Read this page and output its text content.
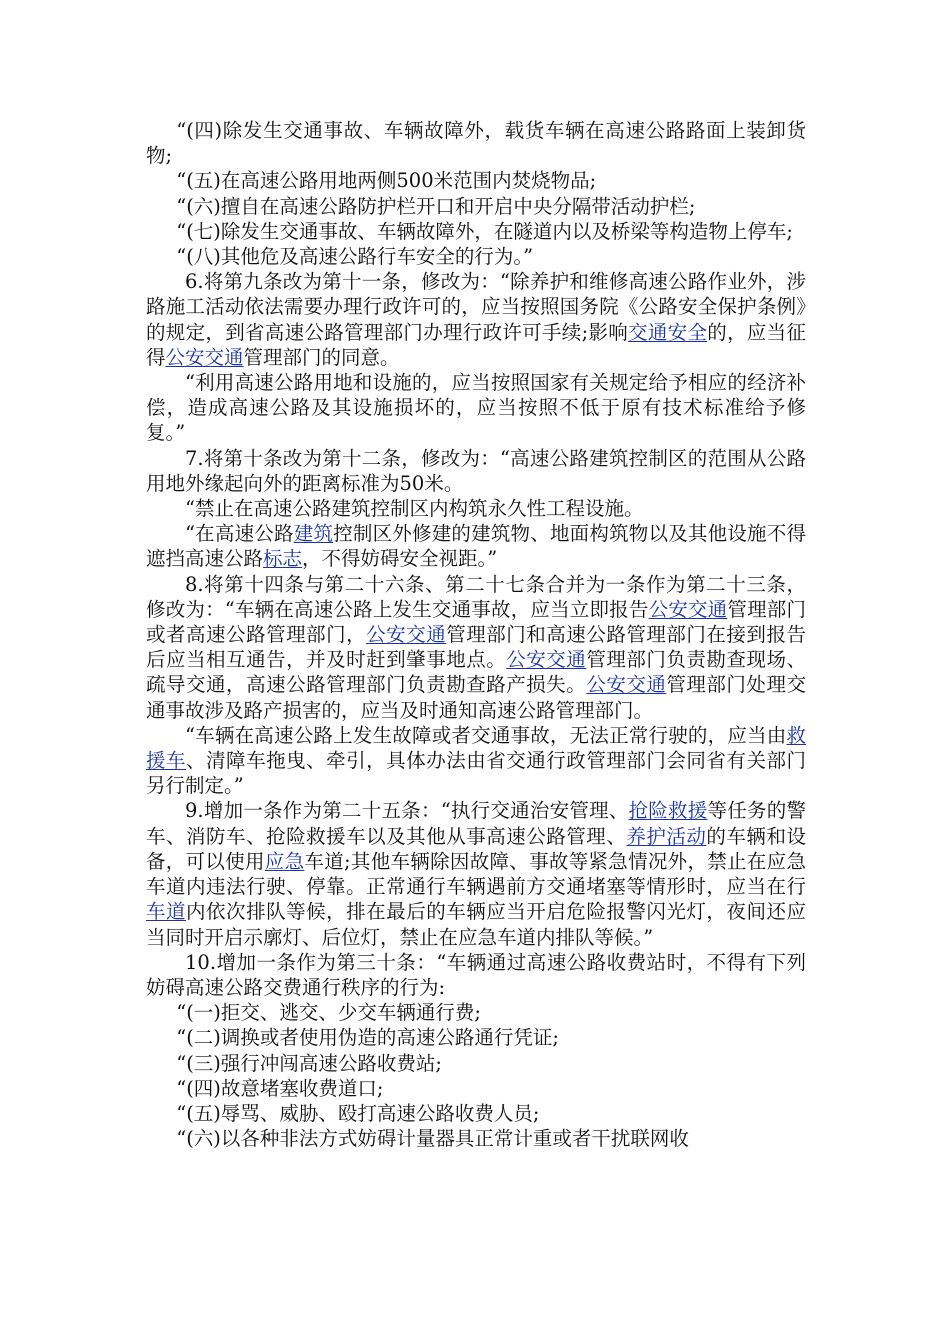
“(四)除发生交通事故、车辆故障外，载货车辆在高速公路路面上装卸货物;

“(五)在高速公路用地两侧500米范围内焚烧物品;

“(六)擅自在高速公路防护栏开口和开启中央分隔带活动护栏;

“(七)除发生交通事故、车辆故障外，在隧道内以及桥梁等构造物上停车;

“(八)其他危及高速公路行车安全的行为。”

6.将第九条改为第十一条，修改为：“除养护和维修高速公路作业外，涉路施工活动依法需要办理行政许可的，应当按照国务院《公路安全保护条例》的规定，到省高速公路管理部门办理行政许可手续;影响交通安全的，应当征得公安交通管理部门的同意。

“利用高速公路用地和设施的，应当按照国家有关规定给予相应的经济补偿，造成高速公路及其设施损坏的，应当按照不低于原有技术标准给予修复。”

7.将第十条改为第十二条，修改为：“高速公路建筑控制区的范围从公路用地外缘起向外的距离标准为50米。

“禁止在高速公路建筑控制区内构筑永久性工程设施。

“在高速公路建筑控制区外修建的建筑物、地面构筑物以及其他设施不得遮挡高速公路标志，不得妨碍安全视距。”

8.将第十四条与第二十六条、第二十七条合并为一条作为第二十三条，修改为：“车辆在高速公路上发生交通事故，应当立即报告公安交通管理部门或者高速公路管理部门，公安交通管理部门和高速公路管理部门在接到报告后应当相互通告，并及时赶到肇事地点。公安交通管理部门负责勘查现场、疏导交通，高速公路管理部门负责勘查路产损失。公安交通管理部门处理交通事故涉及路产损害的，应当及时通知高速公路管理部门。

“车辆在高速公路上发生故障或者交通事故，无法正常行驶的，应当由救援车、清障车拖曳、牵引，具体办法由省交通行政管理部门会同省有关部门另行制定。”

9.增加一条作为第二十五条：“执行交通治安管理、抢险救援等任务的警车、消防车、抢险救援车以及其他从事高速公路管理、养护活动的车辆和设备，可以使用应急车道;其他车辆除因故障、事故等紧急情况外，禁止在应急车道内违法行驶、停靠。正常通行车辆遇前方交通堵塞等情形时，应当在行车道内依次排队等候，排在最后的车辆应当开启危险报警闪光灯，夜间还应当同时开启示廓灯、后位灯，禁止在应急车道内排队等候。”

10.增加一条作为第三十条：“车辆通过高速公路收费站时，不得有下列妨碍高速公路交费通行秩序的行为:

“(一)拒交、逃交、少交车辆通行费;

“(二)调换或者使用伪造的高速公路通行凭证;

“(三)强行冲闯高速公路收费站;

“(四)故意堵塞收费道口;

“(五)辱骂、威胁、殴打高速公路收费人员;

“(六)以各种非法方式妨碍计量器具正常计重或者干扰联网收
